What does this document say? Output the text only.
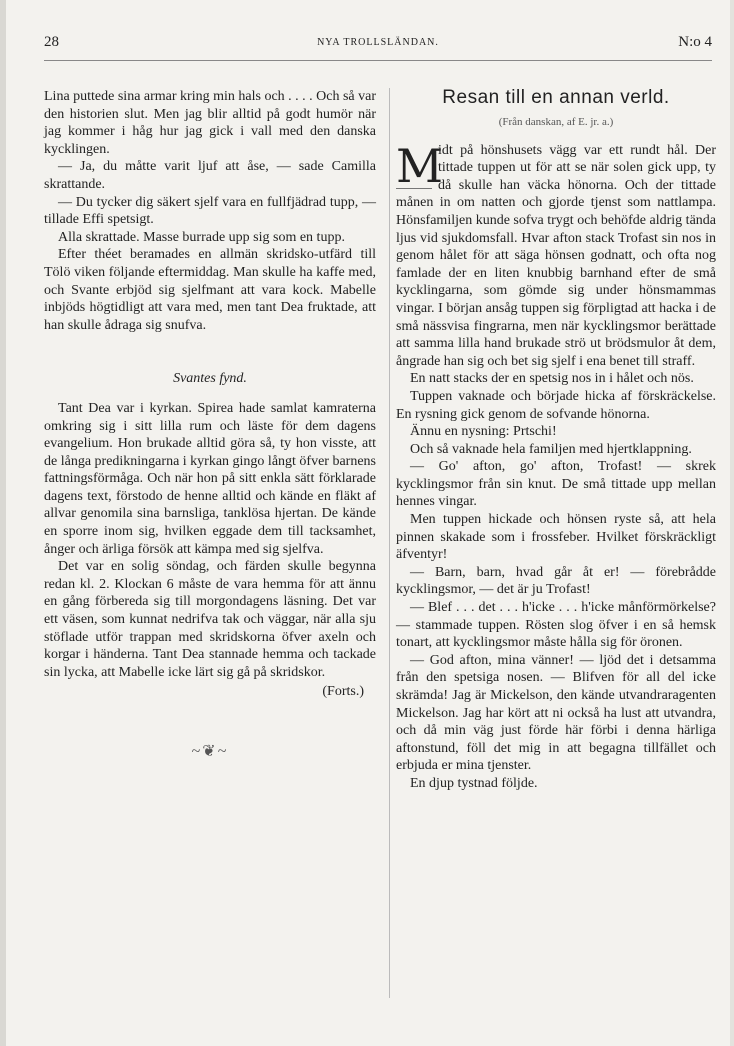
28	NYA TROLLSLÄNDAN.	N:o 4

Lina puttede sina armar kring min hals och . . . . Och så var den historien slut. Men jag blir alltid på godt humör när jag kommer i håg hur jag gick i vall med den danska kycklingen.

— Ja, du måtte varit ljuf att åse, — sade Camilla skrattande.

— Du tycker dig säkert sjelf vara en fullfjädrad tupp, — tillade Effi spetsigt.

Alla skrattade. Masse burrade upp sig som en tupp.

Efter théet beramades en allmän skridsko-utfärd till Tölö viken följande eftermiddag. Man skulle ha kaffe med, och Svante erbjöd sig sjelfmant att vara kock. Mabelle inbjöds högtidligt att vara med, men tant Dea fruktade, att han skulle ådraga sig snufva.

Svantes fynd.

Tant Dea var i kyrkan. Spirea hade samlat kamraterna omkring sig i sitt lilla rum och läste för dem dagens evangelium. Hon brukade alltid göra så, ty hon visste, att de långa predikningarna i kyrkan gingo långt öfver barnens fattningsförmåga. Och när hon på sitt enkla sätt förklarade dagens text, förstodo de henne alltid och kände en fläkt af allvar genomila sina barnsliga, tanklösa hjertan. De kände en sporre inom sig, hvilken eggade dem till tacksamhet, ånger och ärliga försök att kämpa med sig sjelfva.

Det var en solig söndag, och färden skulle begynna redan kl. 2. Klockan 6 måste de vara hemma för att ännu en gång förbereda sig till morgondagens läsning. Det var ett väsen, som kunnat nedrifva tak och väggar, när alla sju stöflade utför trappan med skridskorna öfver axeln och korgar i händerna. Tant Dea stannade hemma och tackade sin lycka, att Mabelle icke lärt sig gå på skridskor.

(Forts.)
~❦~
Resan till en annan verld.
(Från danskan, af E. jr. a.)

M
idt på hönshusets vägg var ett rundt hål. Der tittade tuppen ut för att se när solen gick upp, ty då skulle han väcka hönorna. Och der tittade månen in om natten och gjorde tjenst som nattlampa. Hönsfamiljen kunde sofva trygt och behöfde aldrig tända ljus vid sjukdomsfall. Hvar afton stack Trofast sin nos in genom hålet för att säga hönsen godnatt, och ofta nog famlade der en liten knubbig barnhand efter de små kycklingarna, som gömde sig under hönsmammas vingar. I början ansåg tuppen sig förpligtad att hacka i de små nässvisa fingrarna, men när kycklingsmor berättade att samma lilla hand brukade strö ut brödsmulor åt dem, ångrade han sig och bet sig sjelf i ena benet till straff.

En natt stacks der en spetsig nos in i hålet och nös.

Tuppen vaknade och började hicka af förskräckelse. En rysning gick genom de sofvande hönorna.

Ännu en nysning: Prtschi!

Och så vaknade hela familjen med hjertklappning.

— Go' afton, go' afton, Trofast! — skrek kycklingsmor från sin knut. De små tittade upp mellan hennes vingar.

Men tuppen hickade och hönsen ryste så, att hela pinnen skakade som i frossfeber. Hvilket förskräckligt äfventyr!

— Barn, barn, hvad går åt er! — förebrådde kycklingsmor, — det är ju Trofast!

— Blef . . . det . . . h'icke . . . h'icke månförmörkelse? — stammade tuppen. Rösten slog öfver i en så hemsk tonart, att kycklingsmor måste hålla sig för öronen.

— God afton, mina vänner! — ljöd det i detsamma från den spetsiga nosen. — Blifven för all del icke skrämda! Jag är Mickelson, den kände utvandraragenten Mickelson. Jag har kört att ni också ha lust att utvandra, och då min väg just förde här förbi i denna härliga aftonstund, föll det mig in att begagna tillfället och erbjuda er mina tjenster.

En djup tystnad följde.
